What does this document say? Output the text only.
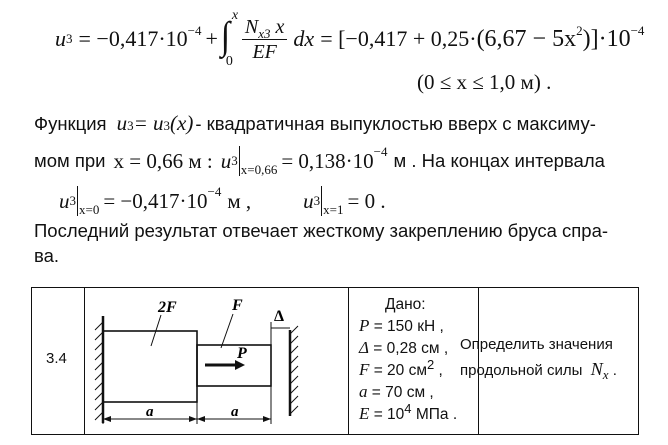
u $3 = -0,417\cdot 10^{-4}$ + ∫ x
$0 \frac{N_{x3} x}{EF}$ dx = [$-0,417 + 0,25\cdot (6,67 - 5x^2$ )]$\cdot 10^{-4}$
(0 ≤ x ≤ 1,0 м) .
Функция u 3 = u 3 (x) - квадратичная выпуклостью вверх с максиму-
мом при x = 0,66 м : u 3
$x=0,66 = 0,138\cdot 10^{-4}$ м . На концах интервала
u 3
$x=0 = -0,417\cdot 10^{-4}$ м , u 3
x=1 = 0 .
Последний результат отвечает жесткому закреплению бруса спра-
ва.
3.4
2F	F
Δ
P
a	a
Дано:
P = 150 кН ,
Δ = 0,28 см ,
F = 20 $см^2$ ,
a = 70 см ,
$E = 10^4$ МПа .
Определить значения
продольной силы $N_x$ .
